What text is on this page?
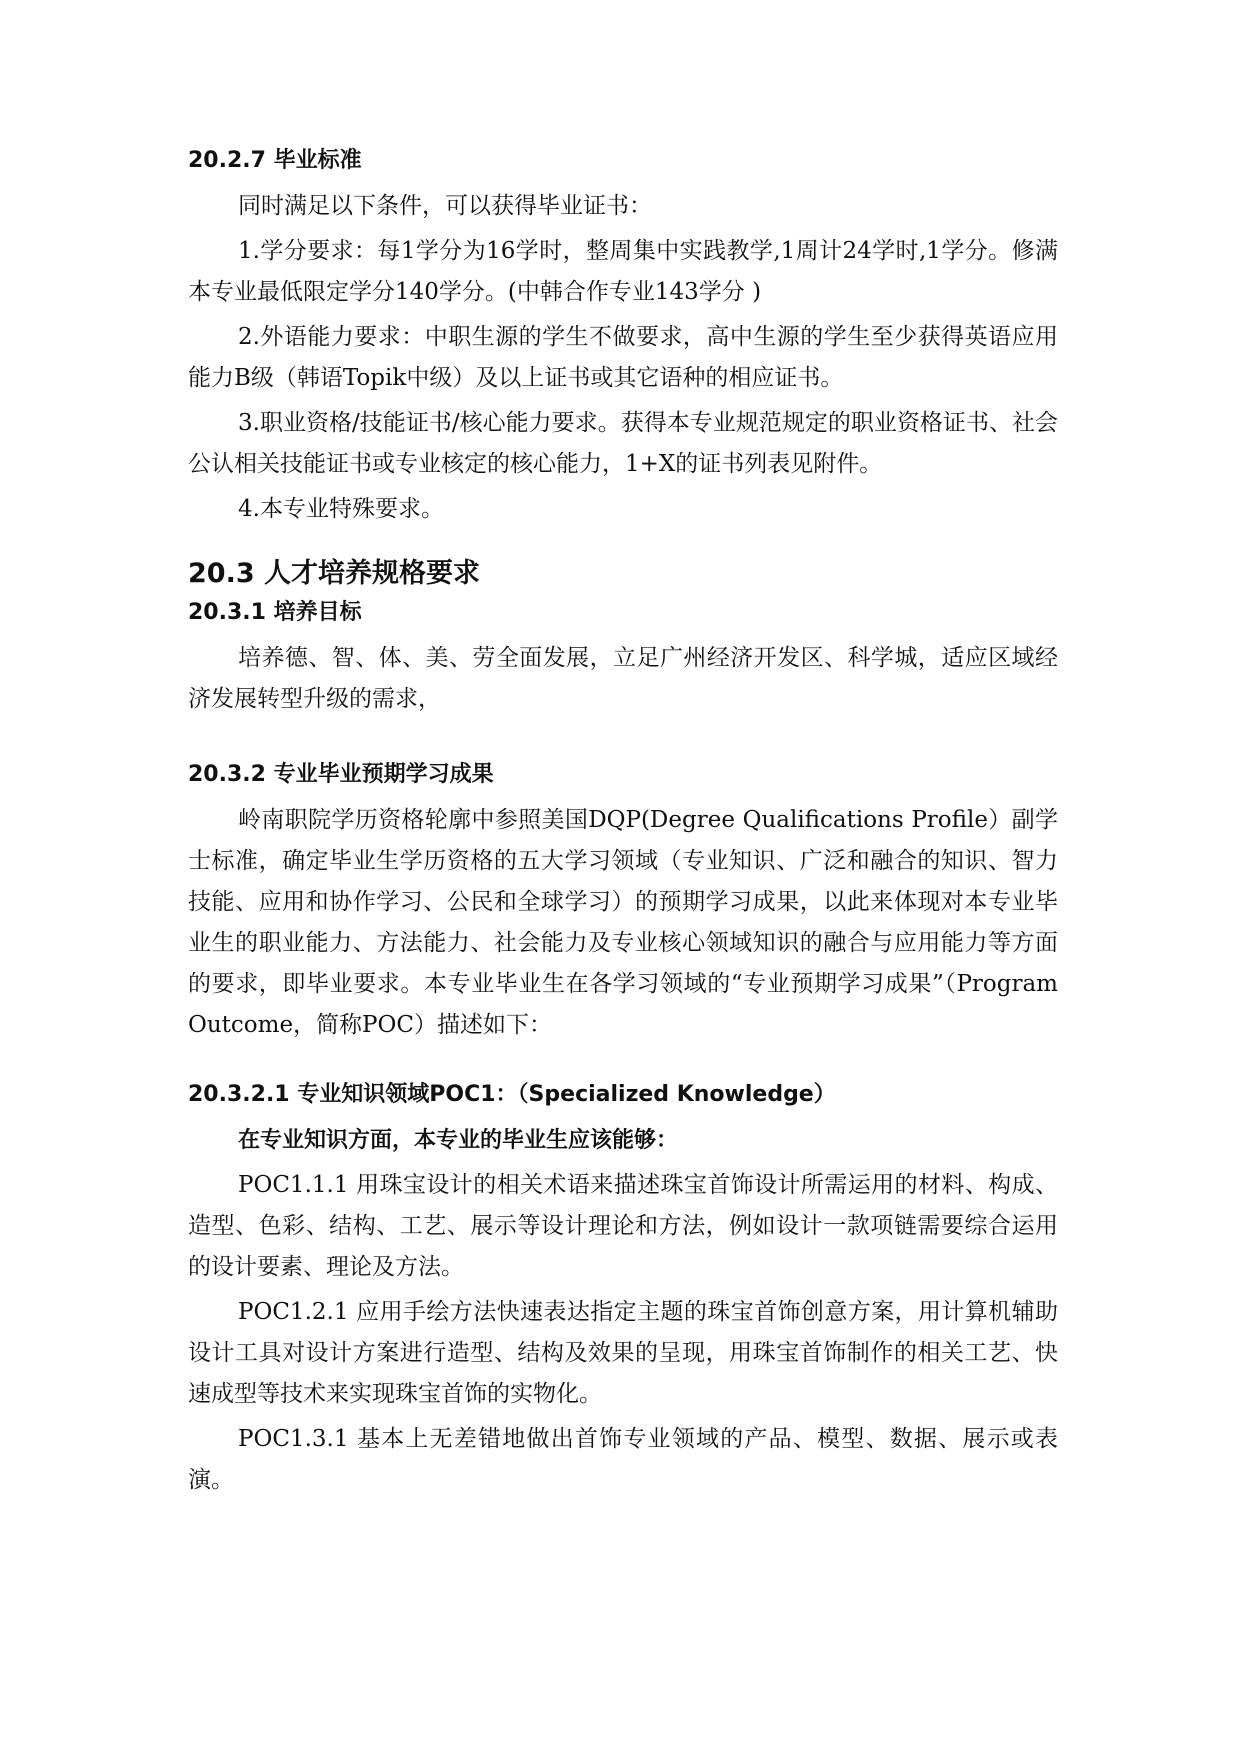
20.2.7 毕业标准

同时满足以下条件，可以获得毕业证书：

1.学分要求：每1学分为16学时，整周集中实践教学,1周计24学时,1学分。修满本专业最低限定学分140学分。(中韩合作专业143学分 )

2.外语能力要求：中职生源的学生不做要求，高中生源的学生至少获得英语应用能力B级（韩语Topik中级）及以上证书或其它语种的相应证书。

3.职业资格/技能证书/核心能力要求。获得本专业规范规定的职业资格证书、社会公认相关技能证书或专业核定的核心能力，1+X的证书列表见附件。

4.本专业特殊要求。

20.3 人才培养规格要求
20.3.1 培养目标

培养德、智、体、美、劳全面发展，立足广州经济开发区、科学城，适应区域经济发展转型升级的需求，

20.3.2 专业毕业预期学习成果

岭南职院学历资格轮廓中参照美国DQP(Degree Qualifications Profile）副学士标准，确定毕业生学历资格的五大学习领域（专业知识、广泛和融合的知识、智力技能、应用和协作学习、公民和全球学习）的预期学习成果，以此来体现对本专业毕业生的职业能力、方法能力、社会能力及专业核心领域知识的融合与应用能力等方面的要求，即毕业要求。本专业毕业生在各学习领域的“专业预期学习成果”（Program Outcome，简称POC）描述如下：

20.3.2.1 专业知识领域POC1：（Specialized Knowledge）

在专业知识方面，本专业的毕业生应该能够：

POC1.1.1 用珠宝设计的相关术语来描述珠宝首饰设计所需运用的材料、构成、造型、色彩、结构、工艺、展示等设计理论和方法，例如设计一款项链需要综合运用的设计要素、理论及方法。

POC1.2.1 应用手绘方法快速表达指定主题的珠宝首饰创意方案，用计算机辅助设计工具对设计方案进行造型、结构及效果的呈现，用珠宝首饰制作的相关工艺、快速成型等技术来实现珠宝首饰的实物化。

POC1.3.1 基本上无差错地做出首饰专业领域的产品、模型、数据、展示或表演。
